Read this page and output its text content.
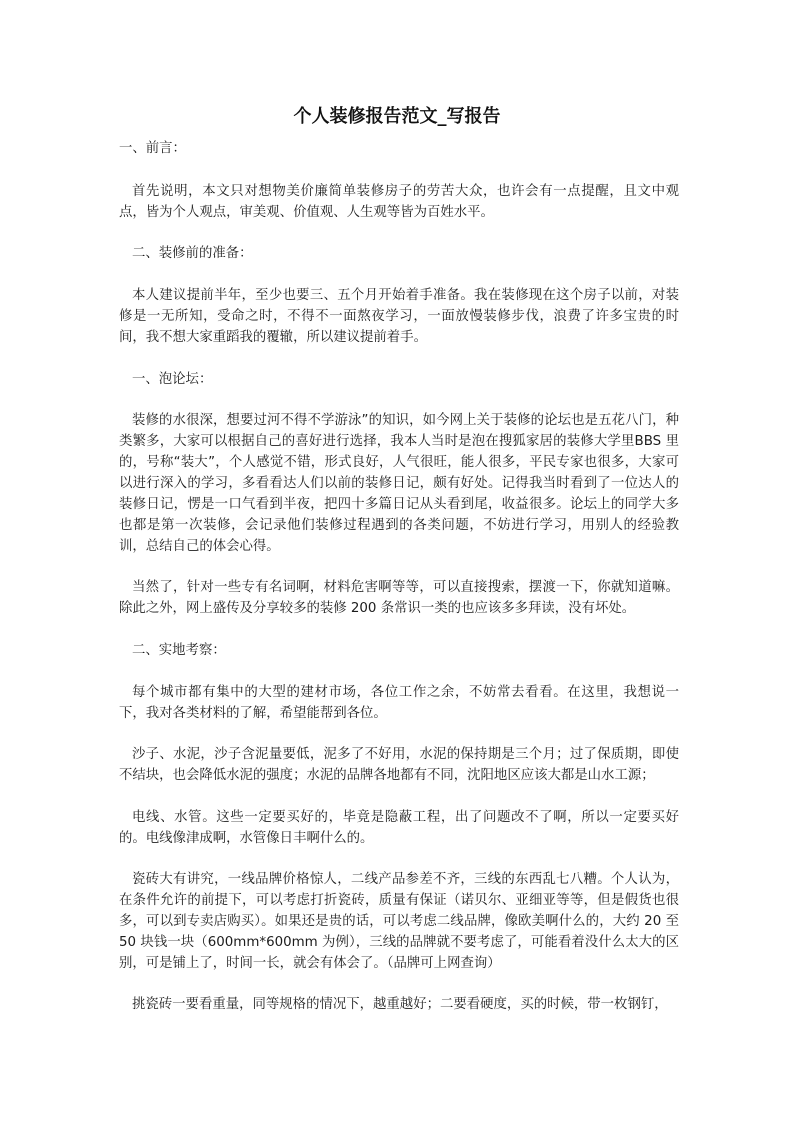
个人装修报告范文_写报告
一、前言：
首先说明，本文只对想物美价廉简单装修房子的劳苦大众，也许会有一点提醒，且文中观点，皆为个人观点，审美观、价值观、人生观等皆为百姓水平。
二、装修前的准备：
本人建议提前半年，至少也要三、五个月开始着手准备。我在装修现在这个房子以前，对装修是一无所知，受命之时，不得不一面熬夜学习，一面放慢装修步伐，浪费了许多宝贵的时间，我不想大家重蹈我的覆辙，所以建议提前着手。
一、泡论坛：
装修的水很深，想要过河不得不学游泳”的知识，如今网上关于装修的论坛也是五花八门，种类繁多，大家可以根据自己的喜好进行选择，我本人当时是泡在搜狐家居的装修大学里BBS 里的，号称“装大”，个人感觉不错，形式良好，人气很旺，能人很多，平民专家也很多，大家可以进行深入的学习，多看看达人们以前的装修日记，颇有好处。记得我当时看到了一位达人的装修日记，愣是一口气看到半夜，把四十多篇日记从头看到尾，收益很多。论坛上的同学大多也都是第一次装修，会记录他们装修过程遇到的各类问题，不妨进行学习，用别人的经验教训，总结自己的体会心得。
当然了，针对一些专有名词啊，材料危害啊等等，可以直接搜索，摆渡一下，你就知道嘛。除此之外，网上盛传及分享较多的装修 200 条常识一类的也应该多多拜读，没有坏处。
二、实地考察：
每个城市都有集中的大型的建材市场，各位工作之余，不妨常去看看。在这里，我想说一下，我对各类材料的了解，希望能帮到各位。
沙子、水泥，沙子含泥量要低，泥多了不好用，水泥的保持期是三个月；过了保质期，即使不结块，也会降低水泥的强度；水泥的品牌各地都有不同，沈阳地区应该大都是山水工源；
电线、水管。这些一定要买好的，毕竟是隐蔽工程，出了问题改不了啊，所以一定要买好的。电线像津成啊，水管像日丰啊什么的。
瓷砖大有讲究，一线品牌价格惊人，二线产品参差不齐，三线的东西乱七八糟。个人认为，在条件允许的前提下，可以考虑打折瓷砖，质量有保证（诺贝尔、亚细亚等等，但是假货也很多，可以到专卖店购买）。如果还是贵的话，可以考虑二线品牌，像欧美啊什么的，大约 20 至 50 块钱一块（600mm*600mm 为例），三线的品牌就不要考虑了，可能看着没什么太大的区别，可是铺上了，时间一长，就会有体会了。（品牌可上网查询）
挑瓷砖一要看重量，同等规格的情况下，越重越好；二要看硬度，买的时候，带一枚钢钉，
